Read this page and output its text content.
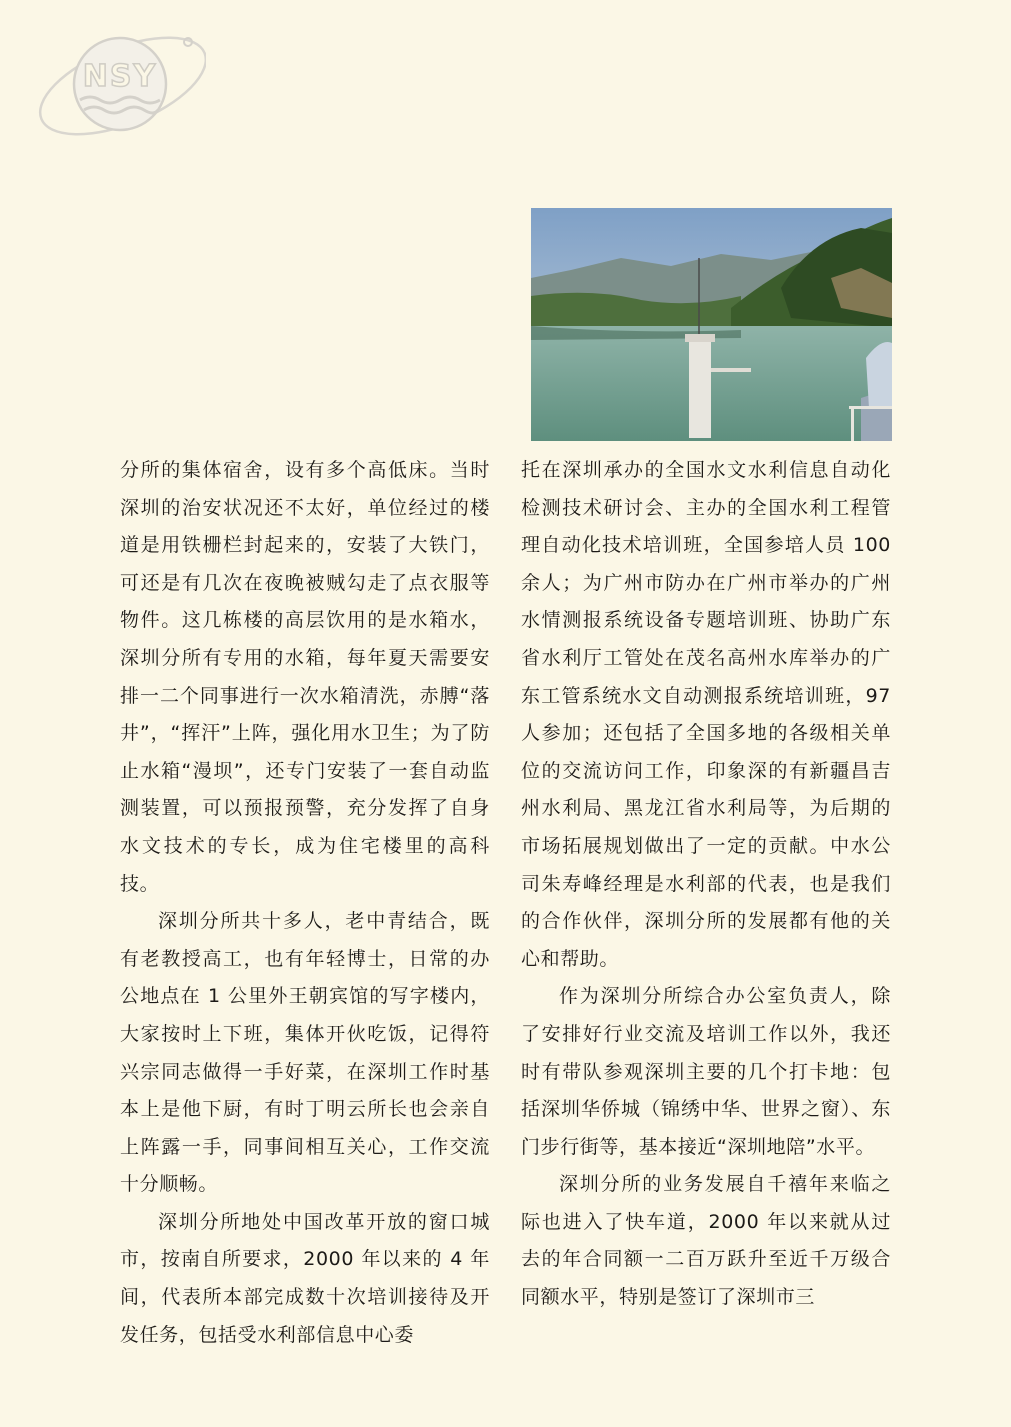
NSY

分所的集体宿舍，设有多个高低床。当时深圳的治安状况还不太好，单位经过的楼道是用铁栅栏封起来的，安装了大铁门，可还是有几次在夜晚被贼勾走了点衣服等物件。这几栋楼的高层饮用的是水箱水，深圳分所有专用的水箱，每年夏天需要安排一二个同事进行一次水箱清洗，赤膊“落井”，“挥汗”上阵，强化用水卫生；为了防止水箱“漫坝”，还专门安装了一套自动监测装置，可以预报预警，充分发挥了自身水文技术的专长，成为住宅楼里的高科技。

深圳分所共十多人，老中青结合，既有老教授高工，也有年轻博士，日常的办公地点在 1 公里外王朝宾馆的写字楼内，大家按时上下班，集体开伙吃饭，记得符兴宗同志做得一手好菜，在深圳工作时基本上是他下厨，有时丁明云所长也会亲自上阵露一手，同事间相互关心，工作交流十分顺畅。

深圳分所地处中国改革开放的窗口城市，按南自所要求，2000 年以来的 4 年间，代表所本部完成数十次培训接待及开发任务，包括受水利部信息中心委

托在深圳承办的全国水文水利信息自动化检测技术研讨会、主办的全国水利工程管理自动化技术培训班，全国参培人员 100 余人；为广州市防办在广州市举办的广州水情测报系统设备专题培训班、协助广东省水利厅工管处在茂名高州水库举办的广东工管系统水文自动测报系统培训班，97 人参加；还包括了全国多地的各级相关单位的交流访问工作，印象深的有新疆昌吉州水利局、黑龙江省水利局等，为后期的市场拓展规划做出了一定的贡献。中水公司朱寿峰经理是水利部的代表，也是我们的合作伙伴，深圳分所的发展都有他的关心和帮助。

作为深圳分所综合办公室负责人，除了安排好行业交流及培训工作以外，我还时有带队参观深圳主要的几个打卡地：包括深圳华侨城（锦绣中华、世界之窗）、东门步行街等，基本接近“深圳地陪”水平。

深圳分所的业务发展自千禧年来临之际也进入了快车道，2000 年以来就从过去的年合同额一二百万跃升至近千万级合同额水平，特别是签订了深圳市三
